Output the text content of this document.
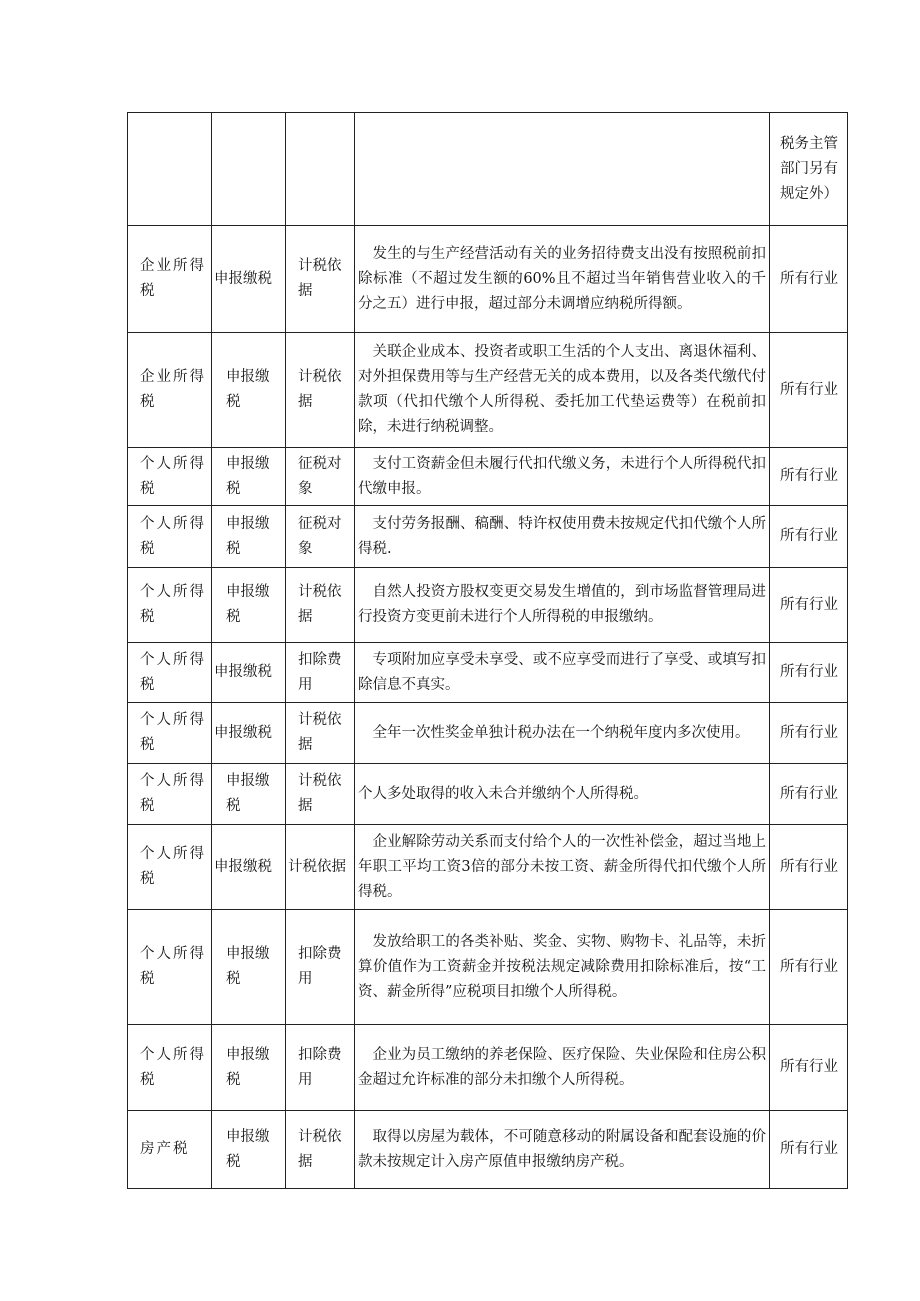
				税务主管部门另有规定外）
企业所得税	申报缴税	计税依据	发生的与生产经营活动有关的业务招待费支出没有按照税前扣除标准（不超过发生额的60%且不超过当年销售营业收入的千分之五）进行申报，超过部分未调增应纳税所得额。	所有行业
企业所得税	申报缴税	计税依据	关联企业成本、投资者或职工生活的个人支出、离退休福利、对外担保费用等与生产经营无关的成本费用，以及各类代缴代付款项（代扣代缴个人所得税、委托加工代垫运费等）在税前扣除，未进行纳税调整。	所有行业
个人所得税	申报缴税	征税对象	支付工资薪金但未履行代扣代缴义务，未进行个人所得税代扣代缴申报。	所有行业
个人所得税	申报缴税	征税对象	支付劳务报酬、稿酬、特许权使用费未按规定代扣代缴个人所得税.	所有行业
个人所得税	申报缴税	计税依据	自然人投资方股权变更交易发生增值的，到市场监督管理局进行投资方变更前未进行个人所得税的申报缴纳。	所有行业
个人所得税	申报缴税	扣除费用	专项附加应享受未享受、或不应享受而进行了享受、或填写扣除信息不真实。	所有行业
个人所得税	申报缴税	计税依据	全年一次性奖金单独计税办法在一个纳税年度内多次使用。	所有行业
个人所得税	申报缴税	计税依据	个人多处取得的收入未合并缴纳个人所得税。	所有行业
个人所得税	申报缴税	计税依据	企业解除劳动关系而支付给个人的一次性补偿金，超过当地上年职工平均工资3倍的部分未按工资、薪金所得代扣代缴个人所得税。	所有行业
个人所得税	申报缴税	扣除费用	发放给职工的各类补贴、奖金、实物、购物卡、礼品等，未折算价值作为工资薪金并按税法规定减除费用扣除标准后，按“工资、薪金所得”应税项目扣缴个人所得税。	所有行业
个人所得税	申报缴税	扣除费用	企业为员工缴纳的养老保险、医疗保险、失业保险和住房公积金超过允许标准的部分未扣缴个人所得税。	所有行业
房产税	申报缴税	计税依据	取得以房屋为载体，不可随意移动的附属设备和配套设施的价款未按规定计入房产原值申报缴纳房产税。	所有行业
